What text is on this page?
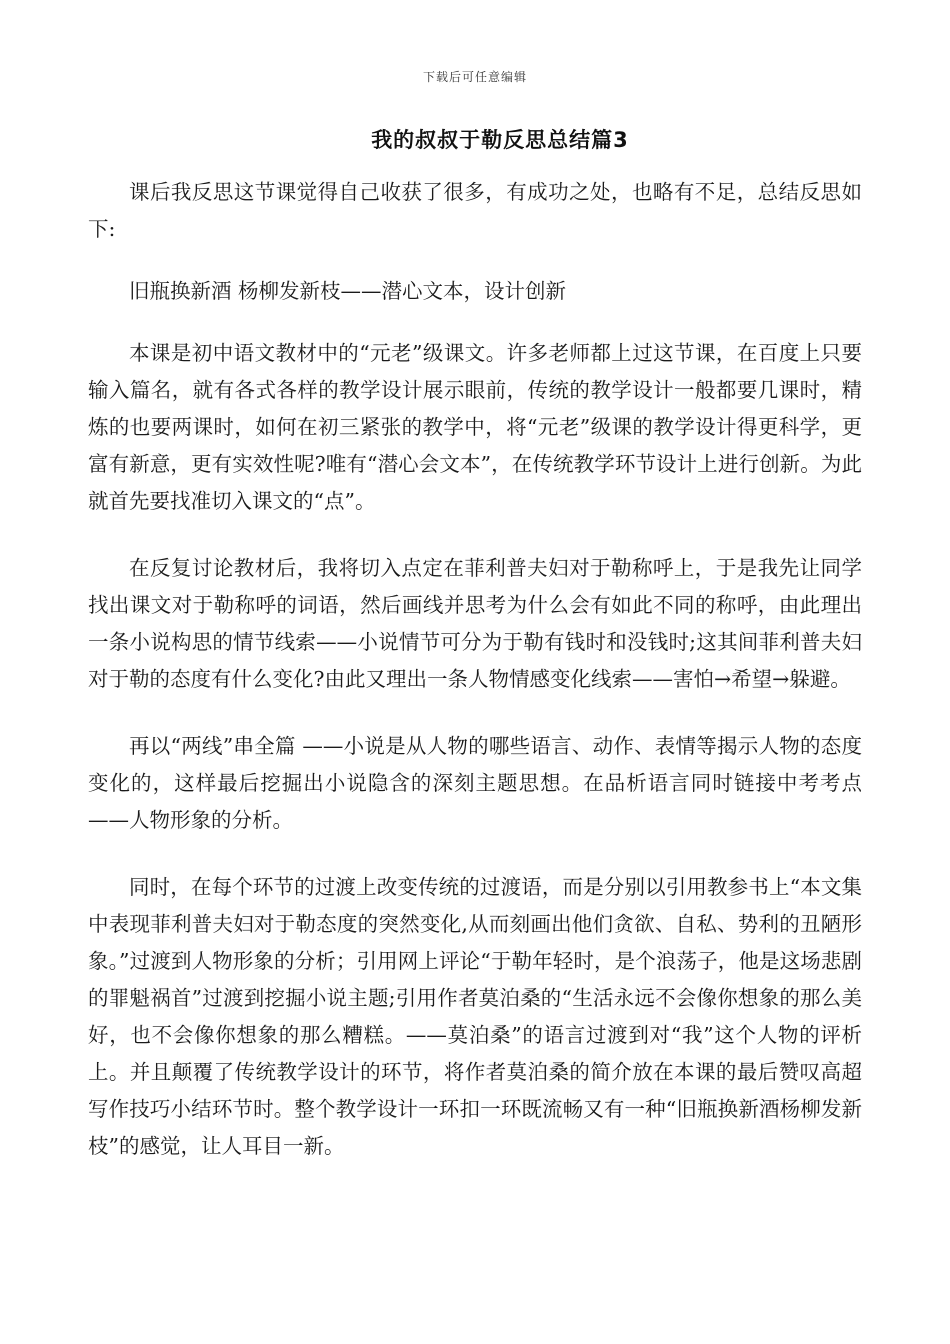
下载后可任意编辑
我的叔叔于勒反思总结篇3

课后我反思这节课觉得自己收获了很多，有成功之处，也略有不足，总结反思如下:

旧瓶换新酒 杨柳发新枝——潜心文本，设计创新

本课是初中语文教材中的“元老”级课文。许多老师都上过这节课，在百度上只要输入篇名，就有各式各样的教学设计展示眼前，传统的教学设计一般都要几课时，精炼的也要两课时，如何在初三紧张的教学中，将“元老”级课的教学设计得更科学，更富有新意，更有实效性呢?唯有“潜心会文本”，在传统教学环节设计上进行创新。为此就首先要找准切入课文的“点”。

在反复讨论教材后，我将切入点定在菲利普夫妇对于勒称呼上，于是我先让同学找出课文对于勒称呼的词语，然后画线并思考为什么会有如此不同的称呼，由此理出一条小说构思的情节线索——小说情节可分为于勒有钱时和没钱时;这其间菲利普夫妇对于勒的态度有什么变化?由此又理出一条人物情感变化线索——害怕→希望→躲避。

再以“两线”串全篇 ——小说是从人物的哪些语言、动作、表情等揭示人物的态度变化的，这样最后挖掘出小说隐含的深刻主题思想。在品析语言同时链接中考考点——人物形象的分析。

同时，在每个环节的过渡上改变传统的过渡语，而是分别以引用教参书上“本文集中表现菲利普夫妇对于勒态度的突然变化,从而刻画出他们贪欲、自私、势利的丑陋形象。”过渡到人物形象的分析；引用网上评论“于勒年轻时，是个浪荡子，他是这场悲剧的罪魁祸首”过渡到挖掘小说主题;引用作者莫泊桑的“生活永远不会像你想象的那么美好，也不会像你想象的那么糟糕。——莫泊桑”的语言过渡到对“我”这个人物的评析上。并且颠覆了传统教学设计的环节，将作者莫泊桑的简介放在本课的最后赞叹高超写作技巧小结环节时。整个教学设计一环扣一环既流畅又有一种“旧瓶换新酒杨柳发新枝”的感觉，让人耳目一新。
